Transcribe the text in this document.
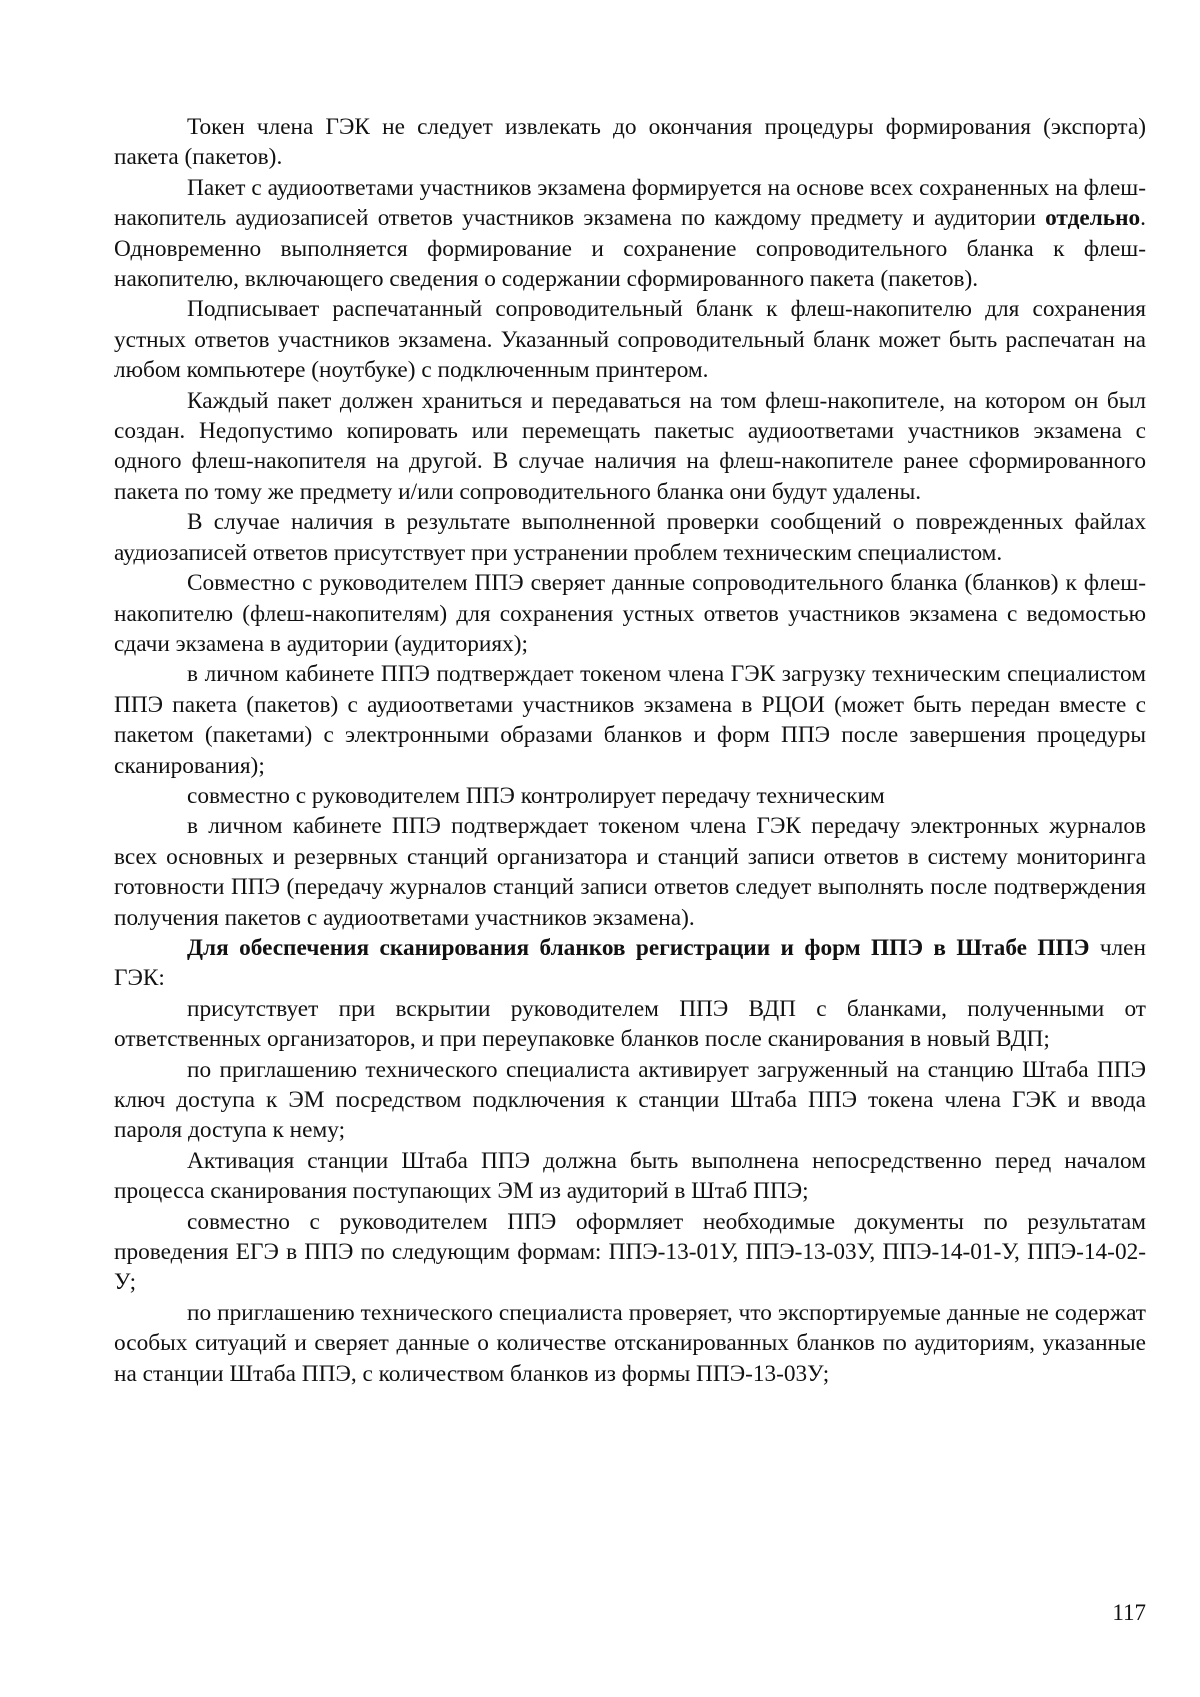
Токен члена ГЭК не следует извлекать до окончания процедуры формирования (экспорта) пакета (пакетов).

Пакет с аудиоответами участников экзамена формируется на основе всех сохраненных на флеш-накопитель аудиозаписей ответов участников экзамена по каждому предмету и аудитории отдельно. Одновременно выполняется формирование и сохранение сопроводительного бланка к флеш-накопителю, включающего сведения о содержании сформированного пакета (пакетов).

Подписывает распечатанный сопроводительный бланк к флеш-накопителю для сохранения устных ответов участников экзамена. Указанный сопроводительный бланк может быть распечатан на любом компьютере (ноутбуке) с подключенным принтером.

Каждый пакет должен храниться и передаваться на том флеш-накопителе, на котором он был создан. Недопустимо копировать или перемещать пакетыс аудиоответами участников экзамена с одного флеш-накопителя на другой. В случае наличия на флеш-накопителе ранее сформированного пакета по тому же предмету и/или сопроводительного бланка они будут удалены.

В случае наличия в результате выполненной проверки сообщений о поврежденных файлах аудиозаписей ответов присутствует при устранении проблем техническим специалистом.

Совместно с руководителем ППЭ сверяет данные сопроводительного бланка (бланков) к флеш-накопителю (флеш-накопителям) для сохранения устных ответов участников экзамена с ведомостью сдачи экзамена в аудитории (аудиториях);

в личном кабинете ППЭ подтверждает токеном члена ГЭК загрузку техническим специалистом ППЭ пакета (пакетов) с аудиоответами участников экзамена в РЦОИ (может быть передан вместе с пакетом (пакетами) с электронными образами бланков и форм ППЭ после завершения процедуры сканирования);

совместно с руководителем ППЭ контролирует передачу техническим

в личном кабинете ППЭ подтверждает токеном члена ГЭК передачу электронных журналов всех основных и резервных станций организатора и станций записи ответов в систему мониторинга готовности ППЭ (передачу журналов станций записи ответов следует выполнять после подтверждения получения пакетов с аудиоответами участников экзамена).

Для обеспечения сканирования бланков регистрации и форм ППЭ в Штабе ППЭ член ГЭК:

присутствует при вскрытии руководителем ППЭ ВДП с бланками, полученными от ответственных организаторов, и при переупаковке бланков после сканирования в новый ВДП;

по приглашению технического специалиста активирует загруженный на станцию Штаба ППЭ ключ доступа к ЭМ посредством подключения к станции Штаба ППЭ токена члена ГЭК и ввода пароля доступа к нему;

Активация станции Штаба ППЭ должна быть выполнена непосредственно перед началом процесса сканирования поступающих ЭМ из аудиторий в Штаб ППЭ;

совместно с руководителем ППЭ оформляет необходимые документы по результатам проведения ЕГЭ в ППЭ по следующим формам: ППЭ-13-01У, ППЭ-13-03У, ППЭ-14-01-У, ППЭ-14-02-У;

по приглашению технического специалиста проверяет, что экспортируемые данные не содержат особых ситуаций и сверяет данные о количестве отсканированных бланков по аудиториям, указанные на станции Штаба ППЭ, с количеством бланков из формы ППЭ-13-03У;

117
